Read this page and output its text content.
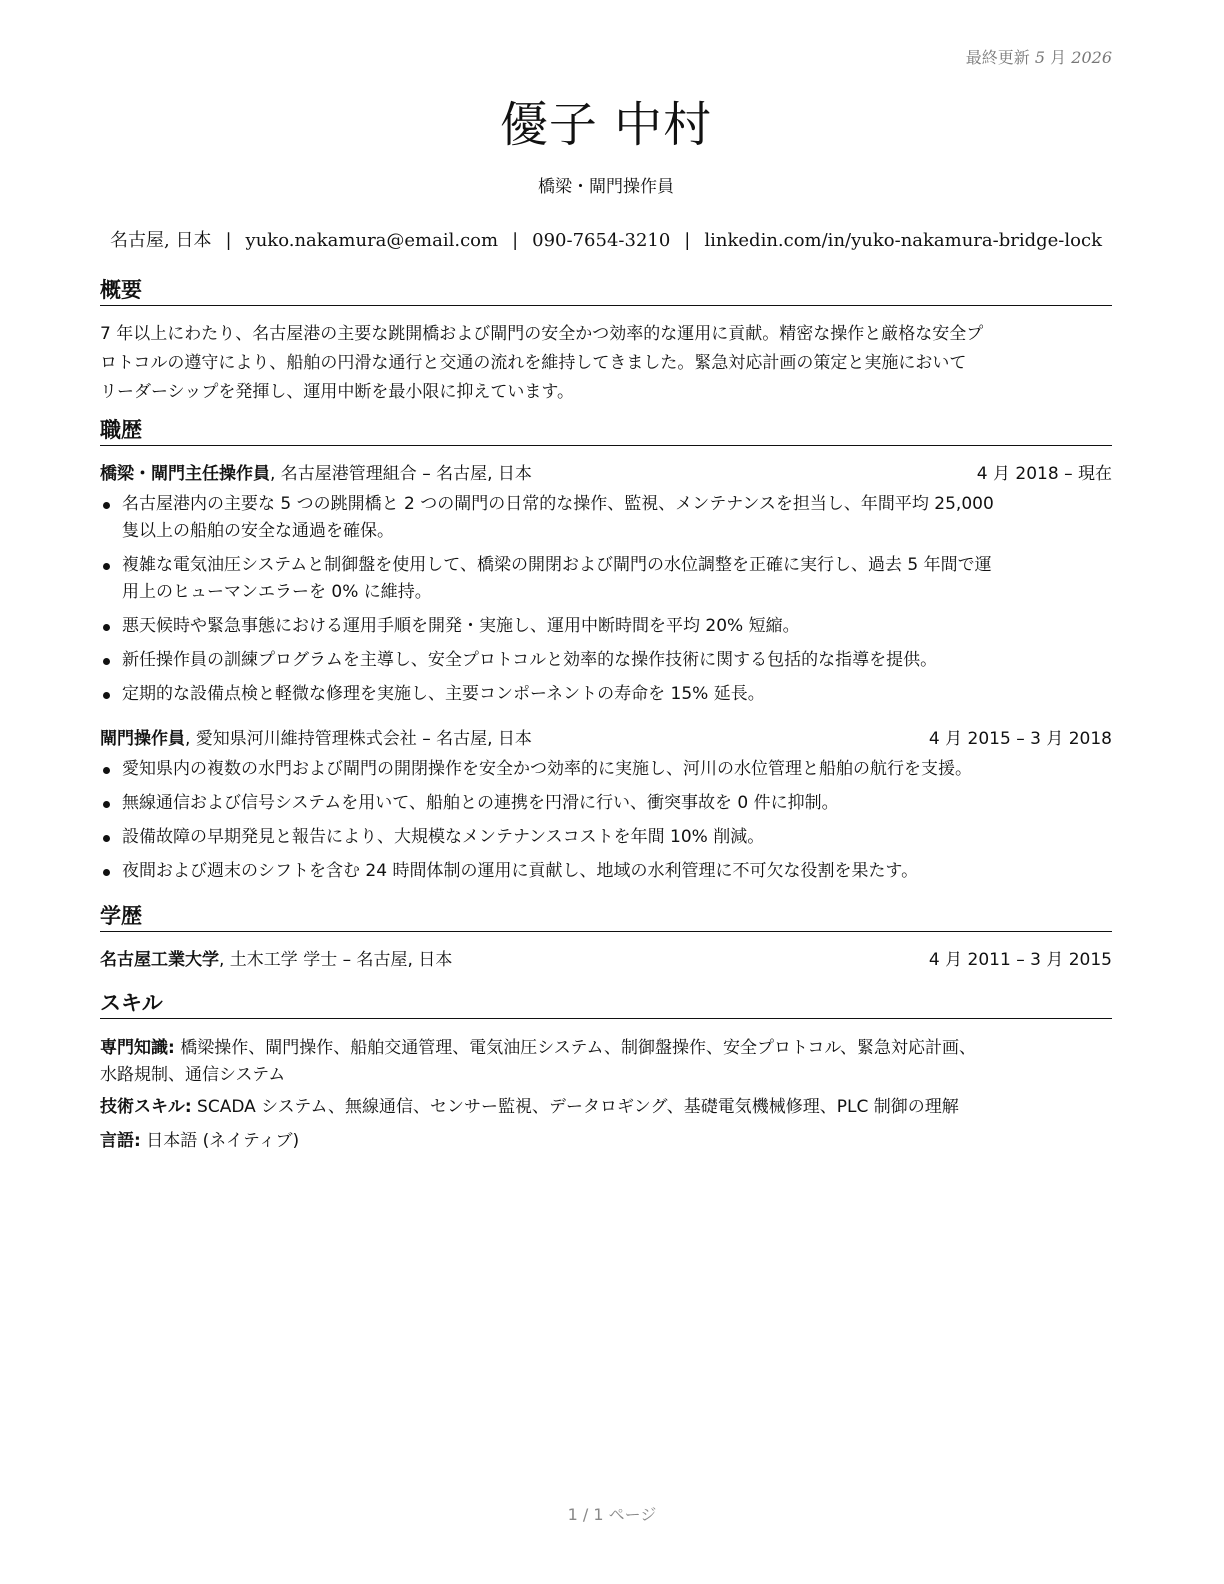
最終更新 5 月 2026
優子 中村
橋梁・閘門操作員
名古屋, 日本 | yuko.nakamura@email.com | 090-7654-3210 | linkedin.com/in/yuko-nakamura-bridge-lock
概要
7 年以上にわたり、名古屋港の主要な跳開橋および閘門の安全かつ効率的な運用に貢献。精密な操作と厳格な安全プ
ロトコルの遵守により、船舶の円滑な通行と交通の流れを維持してきました。緊急対応計画の策定と実施において
リーダーシップを発揮し、運用中断を最小限に抑えています。
職歴
橋梁・閘門主任操作員, 名古屋港管理組合 – 名古屋, 日本	4 月 2018 – 現在
名古屋港内の主要な 5 つの跳開橋と 2 つの閘門の日常的な操作、監視、メンテナンスを担当し、年間平均 25,000
隻以上の船舶の安全な通過を確保。
複雑な電気油圧システムと制御盤を使用して、橋梁の開閉および閘門の水位調整を正確に実行し、過去 5 年間で運
用上のヒューマンエラーを 0% に維持。
悪天候時や緊急事態における運用手順を開発・実施し、運用中断時間を平均 20% 短縮。
新任操作員の訓練プログラムを主導し、安全プロトコルと効率的な操作技術に関する包括的な指導を提供。
定期的な設備点検と軽微な修理を実施し、主要コンポーネントの寿命を 15% 延長。
閘門操作員, 愛知県河川維持管理株式会社 – 名古屋, 日本	4 月 2015 – 3 月 2018
愛知県内の複数の水門および閘門の開閉操作を安全かつ効率的に実施し、河川の水位管理と船舶の航行を支援。
無線通信および信号システムを用いて、船舶との連携を円滑に行い、衝突事故を 0 件に抑制。
設備故障の早期発見と報告により、大規模なメンテナンスコストを年間 10% 削減。
夜間および週末のシフトを含む 24 時間体制の運用に貢献し、地域の水利管理に不可欠な役割を果たす。
学歴
名古屋工業大学, 土木工学 学士 – 名古屋, 日本	4 月 2011 – 3 月 2015
スキル
専門知識: 橋梁操作、閘門操作、船舶交通管理、電気油圧システム、制御盤操作、安全プロトコル、緊急対応計画、
水路規制、通信システム
技術スキル: SCADA システム、無線通信、センサー監視、データロギング、基礎電気機械修理、PLC 制御の理解
言語: 日本語 (ネイティブ)
1 / 1 ページ
